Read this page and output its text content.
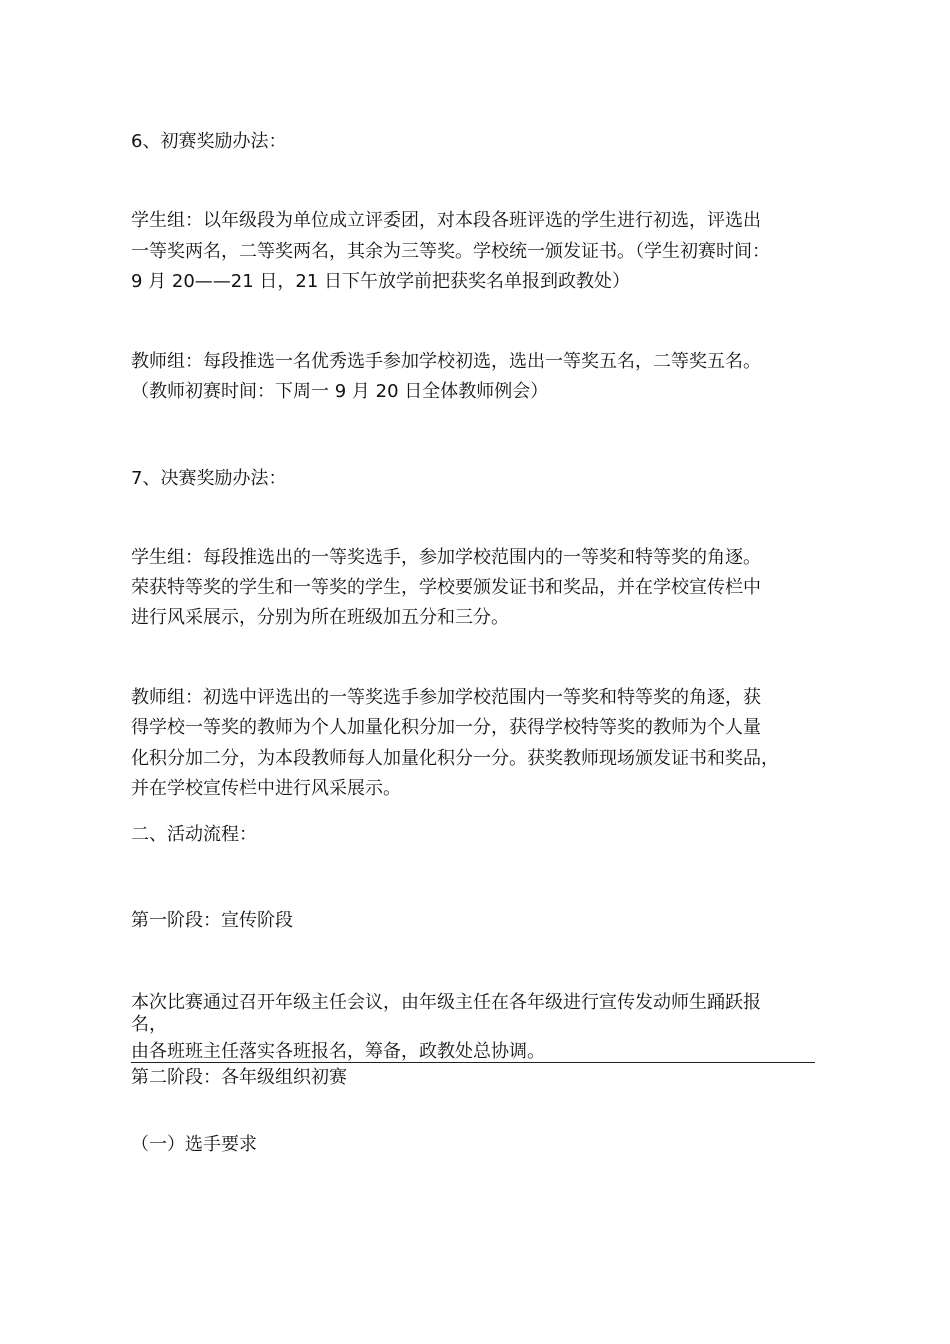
6、初赛奖励办法：
学生组：以年级段为单位成立评委团，对本段各班评选的学生进行初选，评选出
一等奖两名，二等奖两名，其余为三等奖。学校统一颁发证书。（学生初赛时间：
9 月 20——21 日，21 日下午放学前把获奖名单报到政教处）
教师组：每段推选一名优秀选手参加学校初选，选出一等奖五名，二等奖五名。
（教师初赛时间：下周一 9 月 20 日全体教师例会）
7、决赛奖励办法：
学生组：每段推选出的一等奖选手，参加学校范围内的一等奖和特等奖的角逐。
荣获特等奖的学生和一等奖的学生，学校要颁发证书和奖品，并在学校宣传栏中
进行风采展示，分别为所在班级加五分和三分。
教师组：初选中评选出的一等奖选手参加学校范围内一等奖和特等奖的角逐，获
得学校一等奖的教师为个人加量化积分加一分，获得学校特等奖的教师为个人量
化积分加二分，为本段教师每人加量化积分一分。获奖教师现场颁发证书和奖品，
并在学校宣传栏中进行风采展示。
二、活动流程：
第一阶段：宣传阶段
本次比赛通过召开年级主任会议，由年级主任在各年级进行宣传发动师生踊跃报
名，
由各班班主任落实各班报名，筹备，政教处总协调。
第二阶段：各年级组织初赛
（一）选手要求
